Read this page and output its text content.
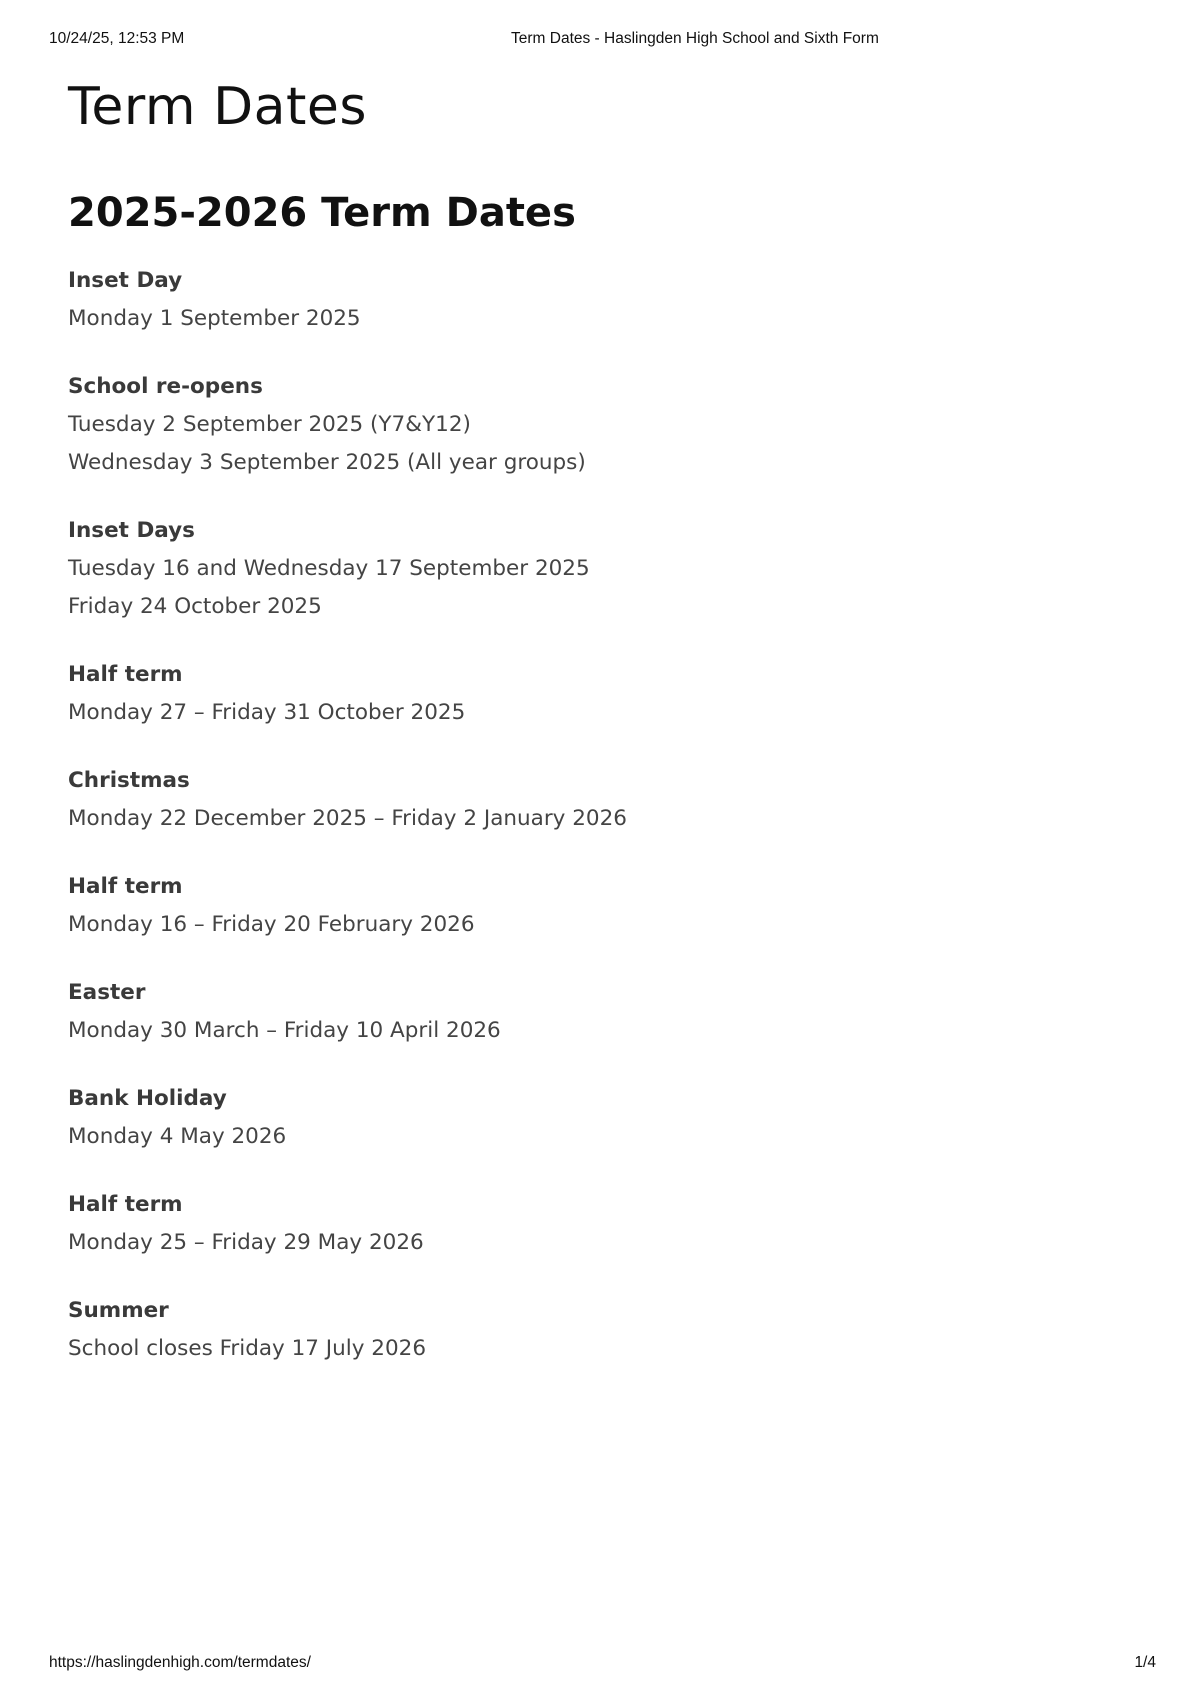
10/24/25, 12:53 PM	Term Dates - Haslingden High School and Sixth Form
Term Dates
2025-2026 Term Dates
Inset Day
Monday 1 September 2025
School re-opens
Tuesday 2 September 2025 (Y7&Y12)
Wednesday 3 September 2025 (All year groups)
Inset Days
Tuesday 16 and Wednesday 17 September 2025
Friday 24 October 2025
Half term
Monday 27 – Friday 31 October 2025
Christmas
Monday 22 December 2025 – Friday 2 January 2026
Half term
Monday 16 – Friday 20 February 2026
Easter
Monday 30 March – Friday 10 April 2026
Bank Holiday
Monday 4 May 2026
Half term
Monday 25 – Friday 29 May 2026
Summer
School closes Friday 17 July 2026
https://haslingdenhigh.com/termdates/	1/4
